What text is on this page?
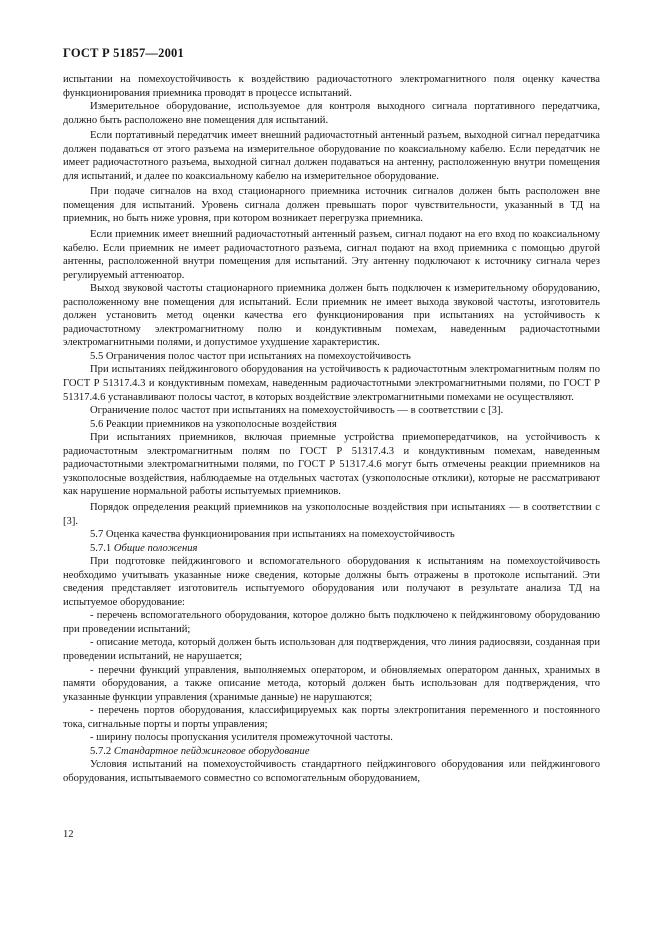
ГОСТ Р 51857—2001

испытании на помехоустойчивость к воздействию радиочастотного электромагнитного поля оценку качества функционирования приемника проводят в процессе испытаний.

Измерительное оборудование, используемое для контроля выходного сигнала портативного передатчика, должно быть расположено вне помещения для испытаний.

Если портативный передатчик имеет внешний радиочастотный антенный разъем, выходной сигнал передатчика должен подаваться от этого разъема на измерительное оборудование по коаксиальному кабелю. Если передатчик не имеет радиочастотного разъема, выходной сигнал должен подаваться на антенну, расположенную внутри помещения для испытаний, и далее по коаксиальному кабелю на измерительное оборудование.

При подаче сигналов на вход стационарного приемника источник сигналов должен быть расположен вне помещения для испытаний. Уровень сигнала должен превышать порог чувствительности, указанный в ТД на приемник, но быть ниже уровня, при котором возникает перегрузка приемника.

Если приемник имеет внешний радиочастотный антенный разъем, сигнал подают на его вход по коаксиальному кабелю. Если приемник не имеет радиочастотного разъема, сигнал подают на вход приемника с помощью другой антенны, расположенной внутри помещения для испытаний. Эту антенну подключают к источнику сигнала через регулируемый аттенюатор.

Выход звуковой частоты стационарного приемника должен быть подключен к измерительному оборудованию, расположенному вне помещения для испытаний. Если приемник не имеет выхода звуковой частоты, изготовитель должен установить метод оценки качества его функционирования при испытаниях на устойчивость к радиочастотному электромагнитному полю и кондуктивным помехам, наведенным радиочастотными электромагнитными полями, и допустимое ухудшение характеристик.

5.5 Ограничения полос частот при испытаниях на помехоустойчивость

При испытаниях пейджингового оборудования на устойчивость к радиочастотным электромагнитным полям по ГОСТ Р 51317.4.3 и кондуктивным помехам, наведенным радиочастотными электромагнитными полями, по ГОСТ Р 51317.4.6 устанавливают полосы частот, в которых воздействие электромагнитными помехами не осуществляют.

Ограничение полос частот при испытаниях на помехоустойчивость — в соответствии с [3].

5.6 Реакции приемников на узкополосные воздействия

При испытаниях приемников, включая приемные устройства приемопередатчиков, на устойчивость к радиочастотным электромагнитным полям по ГОСТ Р 51317.4.3 и кондуктивным помехам, наведенным радиочастотными электромагнитными полями, по ГОСТ Р 51317.4.6 могут быть отмечены реакции приемников на узкополосные воздействия, наблюдаемые на отдельных частотах (узкополосные отклики), которые не рассматривают как нарушение нормальной работы испытуемых приемников.

Порядок определения реакций приемников на узкополосные воздействия при испытаниях — в соответствии с [3].

5.7 Оценка качества функционирования при испытаниях на помехоустойчивость

5.7.1 Общие положения

При подготовке пейджингового и вспомогательного оборудования к испытаниям на помехоустойчивость необходимо учитывать указанные ниже сведения, которые должны быть отражены в протоколе испытаний. Эти сведения представляет изготовитель испытуемого оборудования или получают в результате анализа ТД на испытуемое оборудование:

- перечень вспомогательного оборудования, которое должно быть подключено к пейджинговому оборудованию при проведении испытаний;

- описание метода, который должен быть использован для подтверждения, что линия радиосвязи, созданная при проведении испытаний, не нарушается;

- перечни функций управления, выполняемых оператором, и обновляемых оператором данных, хранимых в памяти оборудования, а также описание метода, который должен быть использован для подтверждения, что указанные функции управления (хранимые данные) не нарушаются;

- перечень портов оборудования, классифицируемых как порты электропитания переменного и постоянного тока, сигнальные порты и порты управления;

- ширину полосы пропускания усилителя промежуточной частоты.

5.7.2 Стандартное пейджинговое оборудование

Условия испытаний на помехоустойчивость стандартного пейджингового оборудования или пейджингового оборудования, испытываемого совместно со вспомогательным оборудованием,

12
